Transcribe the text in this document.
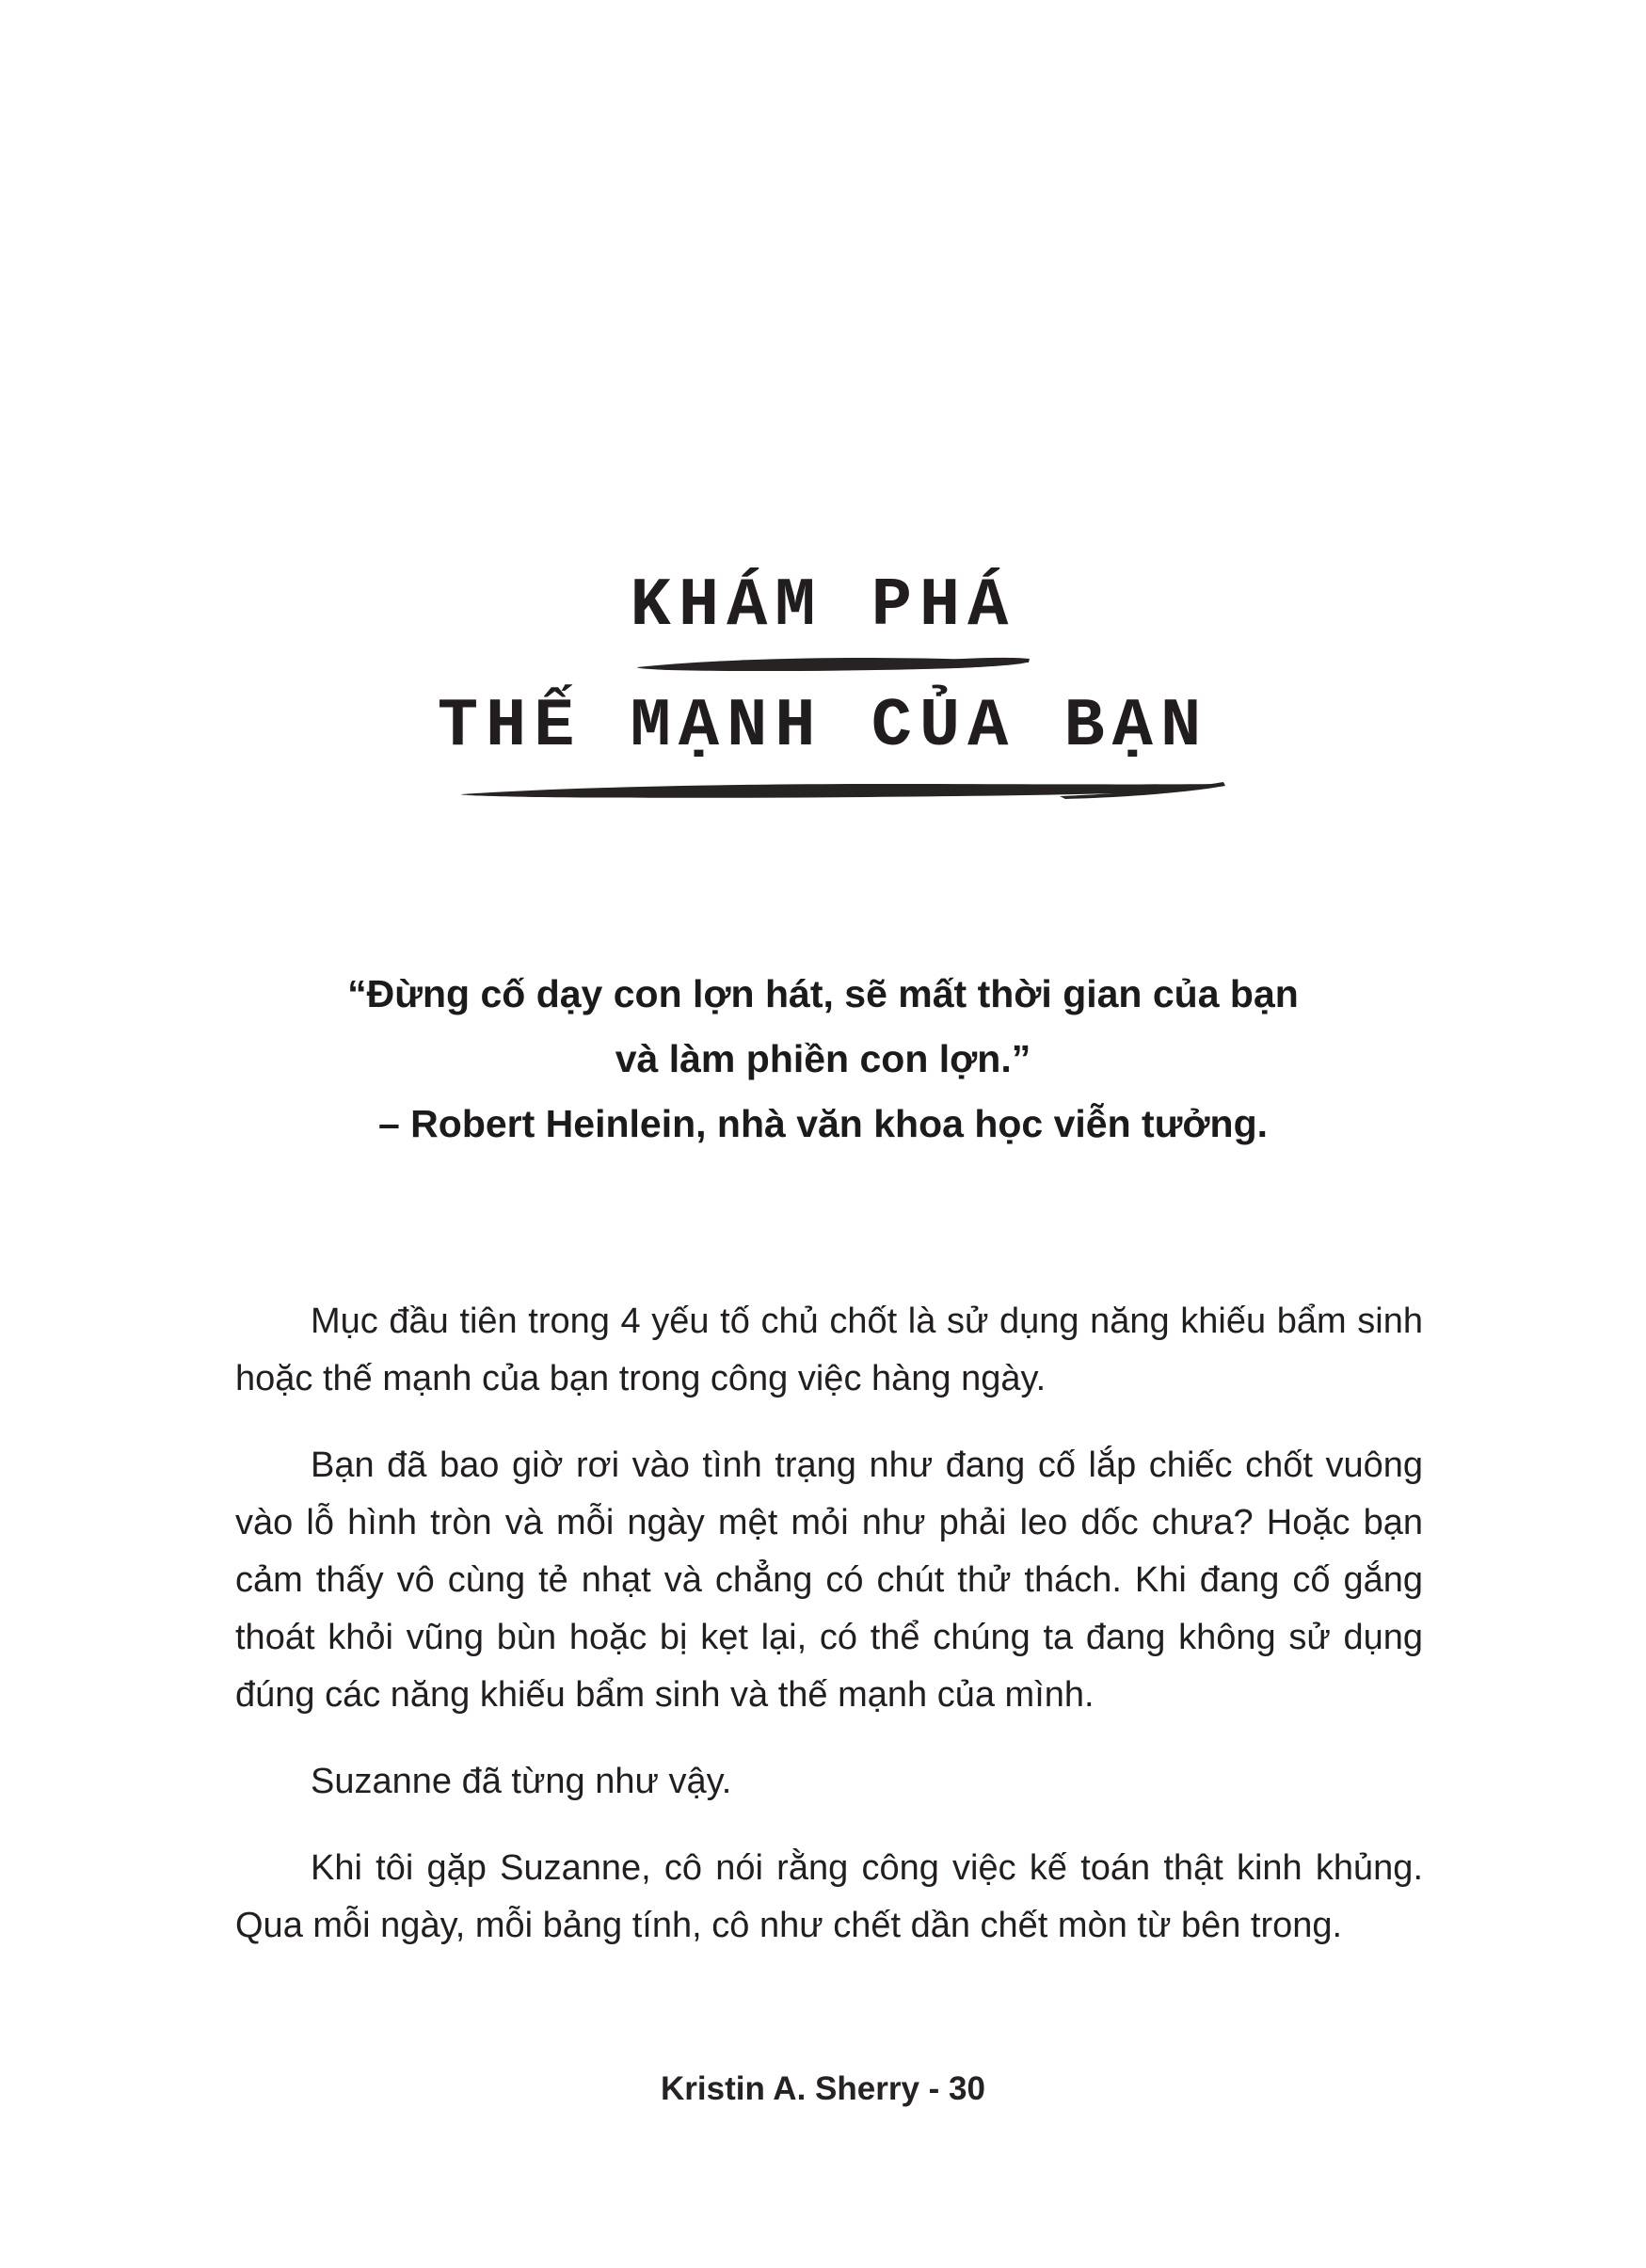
KHÁM PHÁ
THẾ MẠNH CỦA BẠN
“Đừng cố dạy con lợn hát, sẽ mất thời gian của bạn
và làm phiền con lợn.”
– Robert Heinlein, nhà văn khoa học viễn tưởng.

Mục đầu tiên trong 4 yếu tố chủ chốt là sử dụng năng khiếu bẩm sinh hoặc thế mạnh của bạn trong công việc hàng ngày.

Bạn đã bao giờ rơi vào tình trạng như đang cố lắp chiếc chốt vuông vào lỗ hình tròn và mỗi ngày mệt mỏi như phải leo dốc chưa? Hoặc bạn cảm thấy vô cùng tẻ nhạt và chẳng có chút thử thách. Khi đang cố gắng thoát khỏi vũng bùn hoặc bị kẹt lại, có thể chúng ta đang không sử dụng đúng các năng khiếu bẩm sinh và thế mạnh của mình.

Suzanne đã từng như vậy.

Khi tôi gặp Suzanne, cô nói rằng công việc kế toán thật kinh khủng. Qua mỗi ngày, mỗi bảng tính, cô như chết dần chết mòn từ bên trong.

Kristin A. Sherry - 30
